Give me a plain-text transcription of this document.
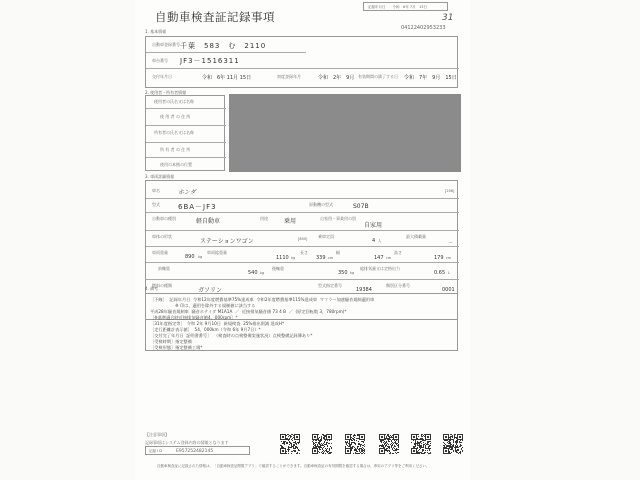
自動車検査証記録事項
記録年月日　　令和　6年 7月　13日
31
04122402953233
1. 基本情報
自動車登録番号 千葉　583　む　2110
車台番号 JF3－1516311
交付年月日	令和　6年 11月 15日	初度登録年月	令和　2年　9月 有効期間の満了する日 令和　7年　9月　15日
2. 使用者・所有者情報
使用者の氏名又は名称
使 用 者 の 住 所
所有者の氏名又は名称
所 有 者 の 住 所
使用の本拠の位置
3. 車両詳細情報
車名	ホンダ	[206]
型式	6BA－JF3	原動機の型式	S07B
自動車の種別	軽自動車	用途	乗用	自家用・事業用の別
自家用
車体の形状
ステーションワゴン	[800]	乗車定員
4 人
最大積載量
－
車両重量
890 kg
車両総重量
1110 kg
長さ
339 cm
幅
147 cm
高さ
179 cm
前軸重
540 kg
後軸重
350 kg
総排気量又は定格出力
0.65 L
燃料の種類
ガソリン
型式指定番号
19384
類別区分番号
0001
4. 備考
［下線］  記録年月日  令和12年度燃費基準75%達成車  令和2年度燃費基準115%達成車  マフラー加速騒音規制適用車
　　　　　　※ 印は、適用を除外する規制値に該当する
平成28年騒音規制車  騒音ホテイダ M1A1A  ／  近接排気騒音値 73 4 B  ／  (原定回転数 3，780rpm)*
［※基準適合時近接排気騒音値4，000rpm］*
［31年度指定等］　令和 2年 9月10日  新規検査  25%排出削減 達成H*
［走行距離計表示値］  54，000km（令和 6年 9月7日）*
［交付完了年月日  証明書番号］  （検査時の点検整備実施状況）点検整備記録簿あり*
［受検時期］指定整備
［受検形態］指定整備工場*
【注意事項】
記録事項はシステム登録内容の情報となります
記録 I D	E957252482145
自動車検査証に記録された情報は、「自動車検査証閲覧アプリ」で確認することができます。自動車検査証の有効期限を確認する場合は、専用のアプリ等をご利用ください。
